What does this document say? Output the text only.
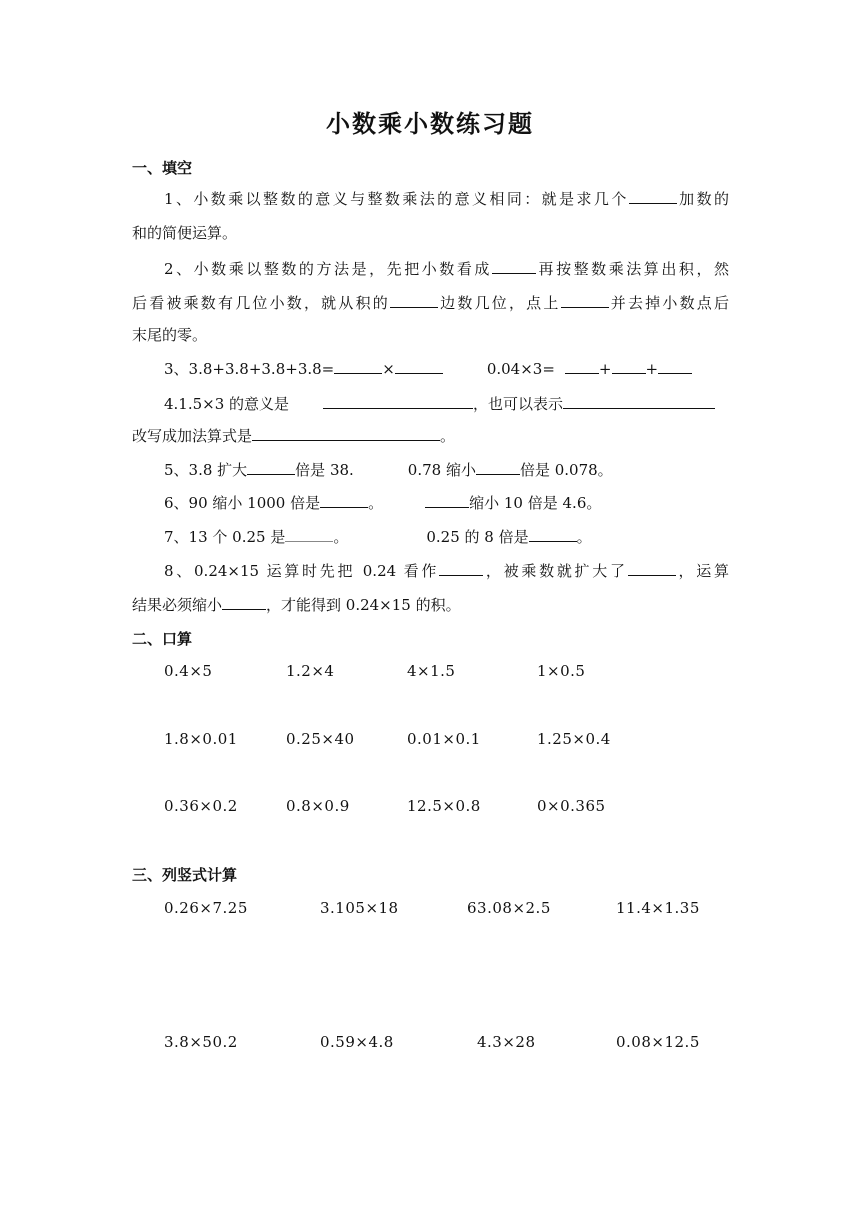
小数乘小数练习题
一、填空
1、小数乘以整数的意义与整数乘法的意义相同：就是求几个	加数的
和的简便运算。
2、小数乘以整数的方法是，先把小数看成	再按整数乘法算出积，然
后看被乘数有几位小数，就从积的	边数几位，点上	并去掉小数点后
末尾的零。
3、3.8+3.8+3.8+3.8=	×	0.04×3=	+ +
4.1.5×3 的意义是	，也可以表示
改写成加法算式是	。
5、3.8 扩大	倍是 38.	0.78 缩小	倍是 0.078。
6、90 缩小 1000 倍是	。	缩小 10 倍是 4.6。
7、13 个 0.25 是	。	0.25 的 8 倍是	。
8、0.24×15 运算时先把 0.24 看作	，被乘数就扩大了	，运算
结果必须缩小	，才能得到 0.24×15 的积。
二、口算
0.4×5	1.2×4	4×1.5	1×0.5
1.8×0.01	0.25×40	0.01×0.1	1.25×0.4
0.36×0.2	0.8×0.9	12.5×0.8	0×0.365
三、列竖式计算
0.26×7.25	3.105×18	63.08×2.5	11.4×1.35
3.8×50.2	0.59×4.8	4.3×28	0.08×12.5
